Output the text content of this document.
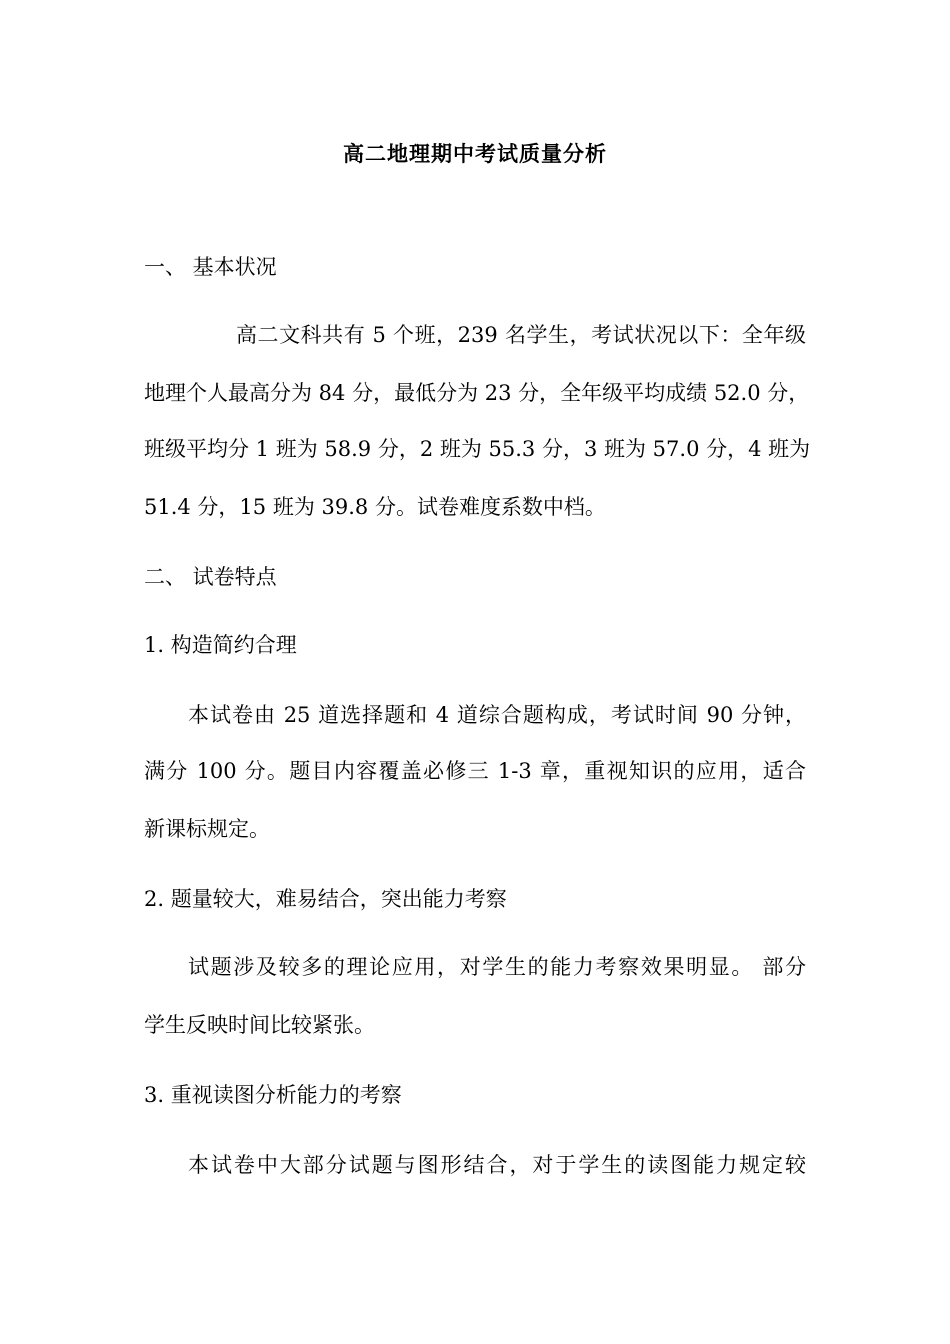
高二地理期中考试质量分析
一、 基本状况
高二文科共有 5 个班，239 名学生，考试状况以下：全年级
地理个人最高分为 84 分，最低分为 23 分，全年级平均成绩 52.0 分，
班级平均分 1 班为 58.9 分，2 班为 55.3 分，3 班为 57.0 分，4 班为
51.4 分，15 班为 39.8 分。试卷难度系数中档。
二、 试卷特点
1. 构造简约合理
本试卷由 25 道选择题和 4 道综合题构成，考试时间 90 分钟，
满分 100 分。题目内容覆盖必修三 1-3 章，重视知识的应用，适合
新课标规定。
2. 题量较大，难易结合，突出能力考察
试题涉及较多的理论应用，对学生的能力考察效果明显。 部分
学生反映时间比较紧张。
3. 重视读图分析能力的考察
本试卷中大部分试题与图形结合，对于学生的读图能力规定较
